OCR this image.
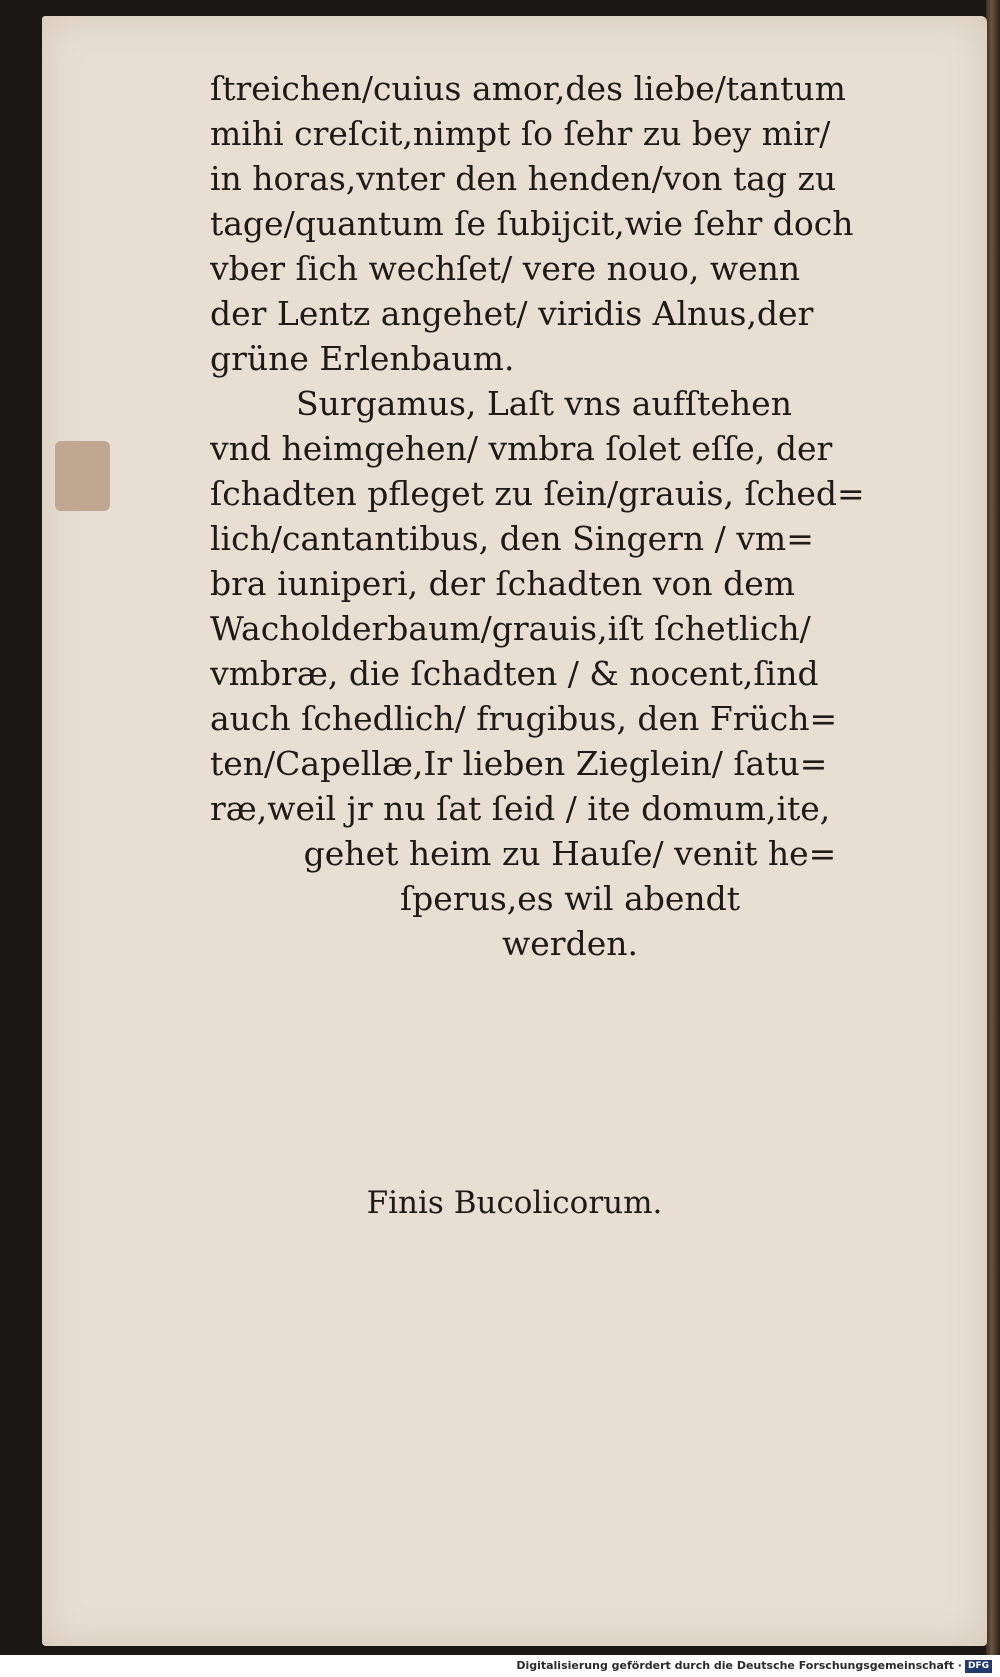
ſtreichen/cuius amor,des liebe/tantum
mihi creſcit,nimpt ſo ſehr zu bey mir/
in horas,vnter den henden/von tag zu
tage/quantum ſe ſubijcit,wie ſehr doch
vber ſich wechſet/ vere nouo, wenn
der Lentz angehet/ viridis Alnus,der
grüne Erlenbaum.
Surgamus, Laſt vns aufſtehen
vnd heimgehen/ vmbra ſolet eſſe, der
ſchadten pfleget zu ſein/grauis, ſched=
lich/cantantibus, den Singern / vm=
bra iuniperi, der ſchadten von dem
Wacholderbaum/grauis,iſt ſchetlich/
vmbræ, die ſchadten / & nocent,ſind
auch ſchedlich/ frugibus, den Früch=
ten/Capellæ,Ir lieben Zieglein/ ſatu=
ræ,weil jr nu ſat ſeid / ite domum,ite,
gehet heim zu Hauſe/ venit he=
ſperus,es wil abendt
werden.
Finis Bucolicorum.
Digitalisierung gefördert durch die Deutsche Forschungsgemeinschaft · DFG
